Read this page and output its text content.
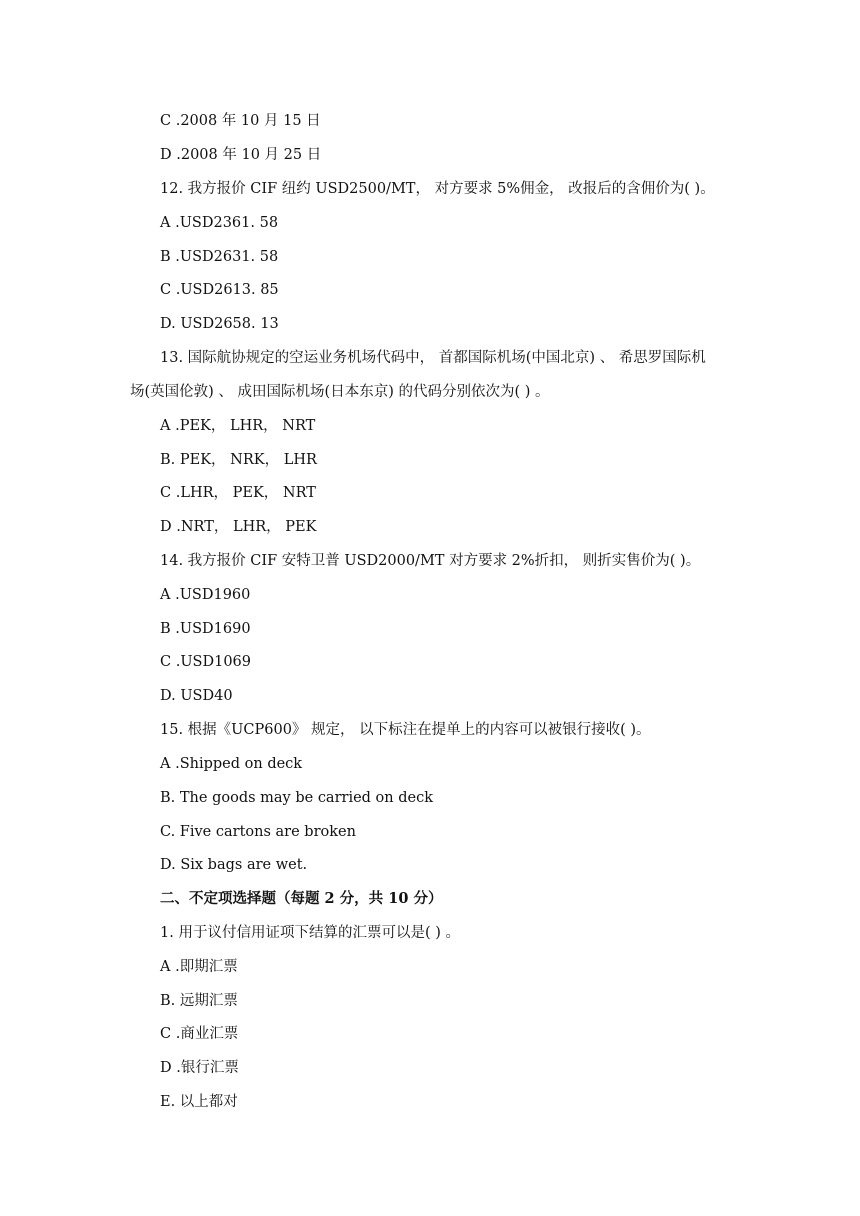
C .2008 年 10 月 15 日
D .2008 年 10 月 25 日
12. 我方报价 CIF 纽约 USD2500/MT， 对方要求 5%佣金， 改报后的含佣价为( )。
A .USD2361. 58
B .USD2631. 58
C .USD2613. 85
D. USD2658. 13
13. 国际航协规定的空运业务机场代码中， 首都国际机场(中国北京) 、 希思罗国际机
场(英国伦敦) 、 成田国际机场(日本东京) 的代码分别依次为( ) 。
A .PEK， LHR， NRT
B. PEK， NRK， LHR
C .LHR， PEK， NRT
D .NRT， LHR， PEK
14. 我方报价 CIF 安特卫普 USD2000/MT 对方要求 2%折扣， 则折实售价为( )。
A .USD1960
B .USD1690
C .USD1069
D. USD40
15. 根据《UCP600》 规定， 以下标注在提单上的内容可以被银行接收( )。
A .Shipped on deck
B. The goods may be carried on deck
C. Five cartons are broken
D. Six bags are wet.
二、不定项选择题（每题 2 分，共 10 分）
1. 用于议付信用证项下结算的汇票可以是( ) 。
A .即期汇票
B. 远期汇票
C .商业汇票
D .银行汇票
E. 以上都对
